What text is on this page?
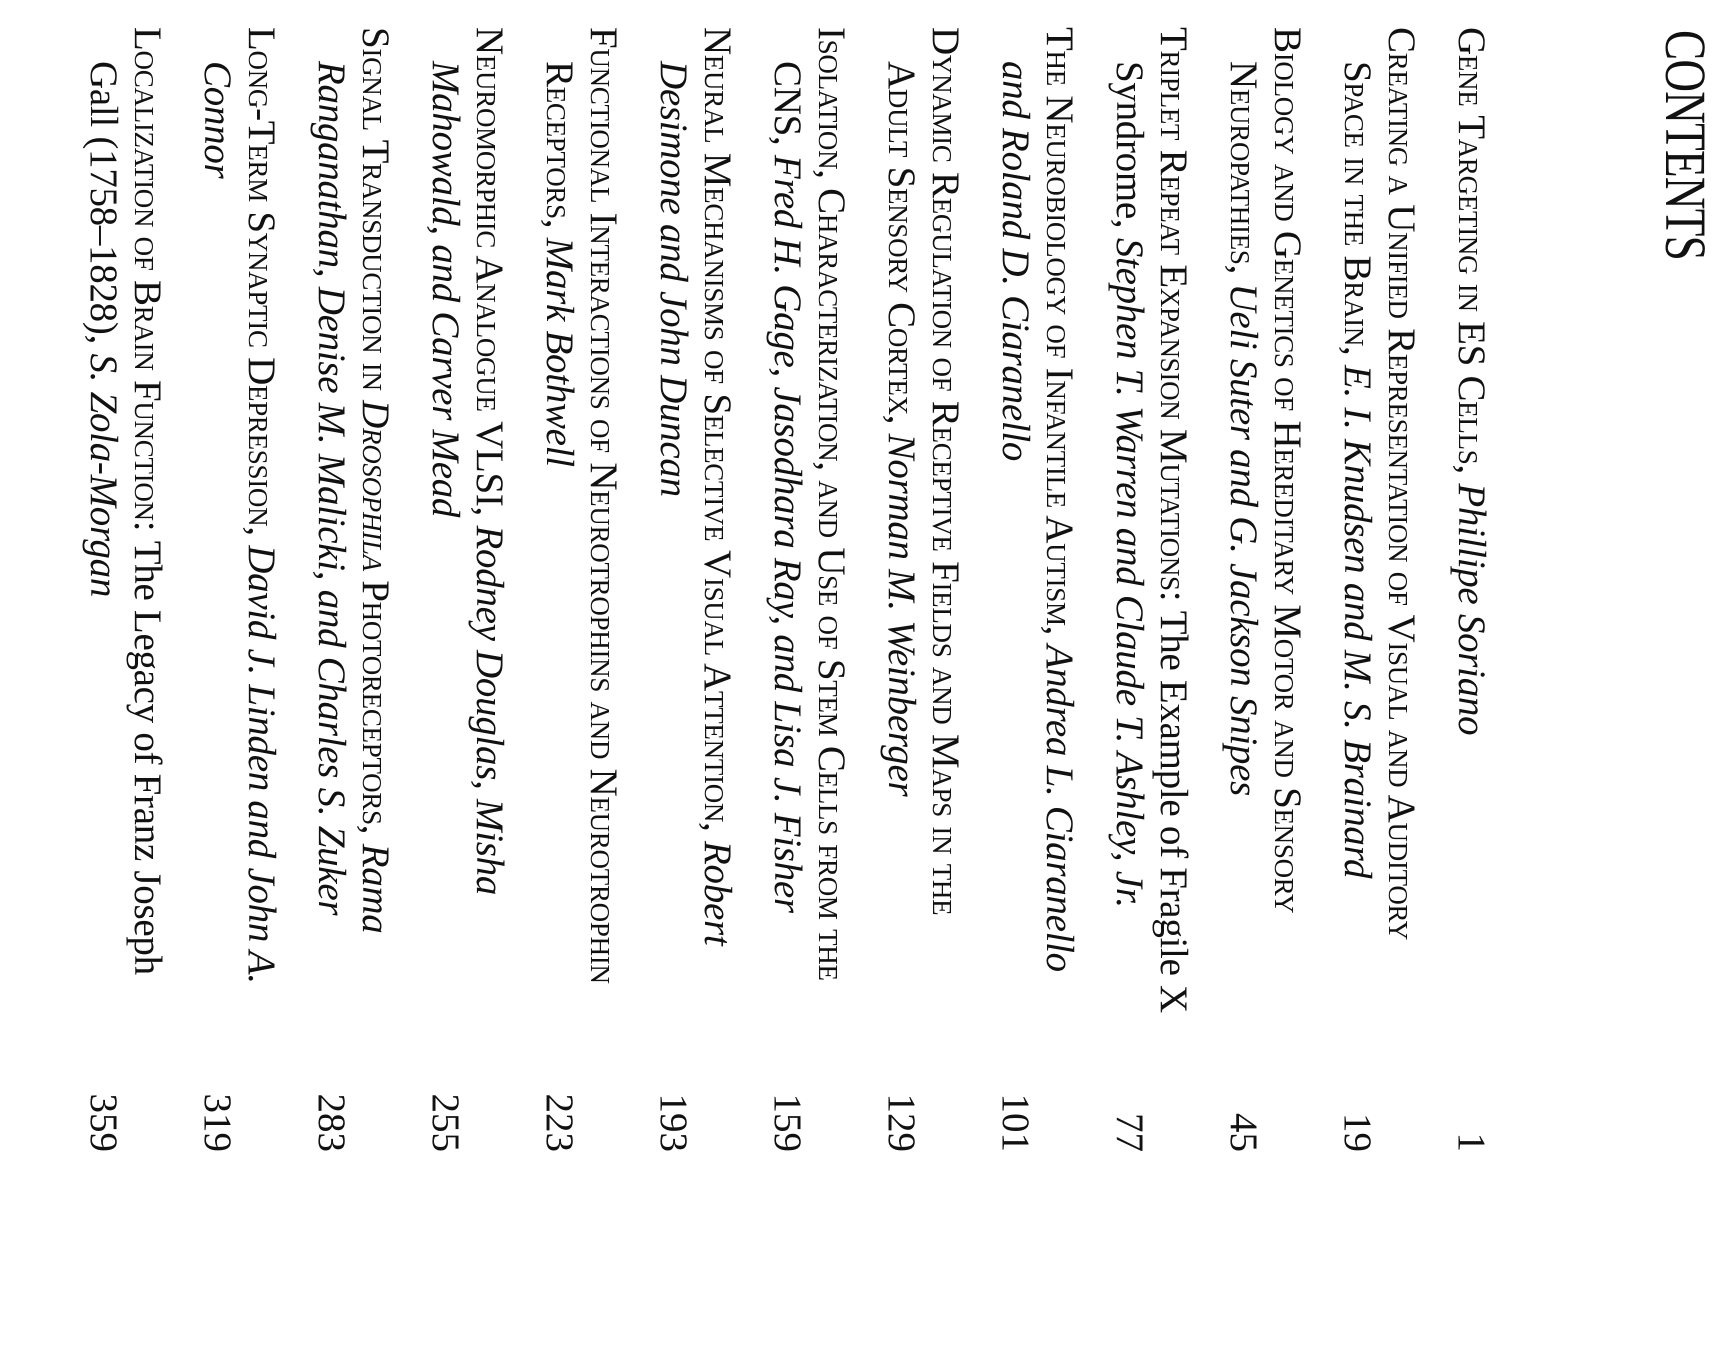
CONTENTS
Gene Targeting in ES Cells, Phillipe Soriano
1
Creating a Unified Representation of Visual and Auditory
Space in the Brain, E. I. Knudsen and M. S. Brainard
19
Biology and Genetics of Hereditary Motor and Sensory
Neuropathies, Ueli Suter and G. Jackson Snipes
45
Triplet Repeat Expansion Mutations: The Example of Fragile X
Syndrome, Stephen T. Warren and Claude T. Ashley, Jr.
77
The Neurobiology of Infantile Autism, Andrea L. Ciaranello
and Roland D. Ciaranello
101
Dynamic Regulation of Receptive Fields and Maps in the
Adult Sensory Cortex, Norman M. Weinberger
129
Isolation, Characterization, and Use of Stem Cells from the
CNS, Fred H. Gage, Jasodhara Ray, and Lisa J. Fisher
159
Neural Mechanisms of Selective Visual Attention, Robert
Desimone and John Duncan
193
Functional Interactions of Neurotrophins and Neurotrophin
Receptors, Mark Bothwell
223
Neuromorphic Analogue VLSI, Rodney Douglas, Misha
Mahowald, and Carver Mead
255
Signal Transduction in Drosophila Photoreceptors, Rama
Ranganathan, Denise M. Malicki, and Charles S. Zuker
283
Long-Term Synaptic Depression, David J. Linden and John A.
Connor
319
Localization of Brain Function: The Legacy of Franz Joseph
Gall (1758–1828), S. Zola-Morgan
359
